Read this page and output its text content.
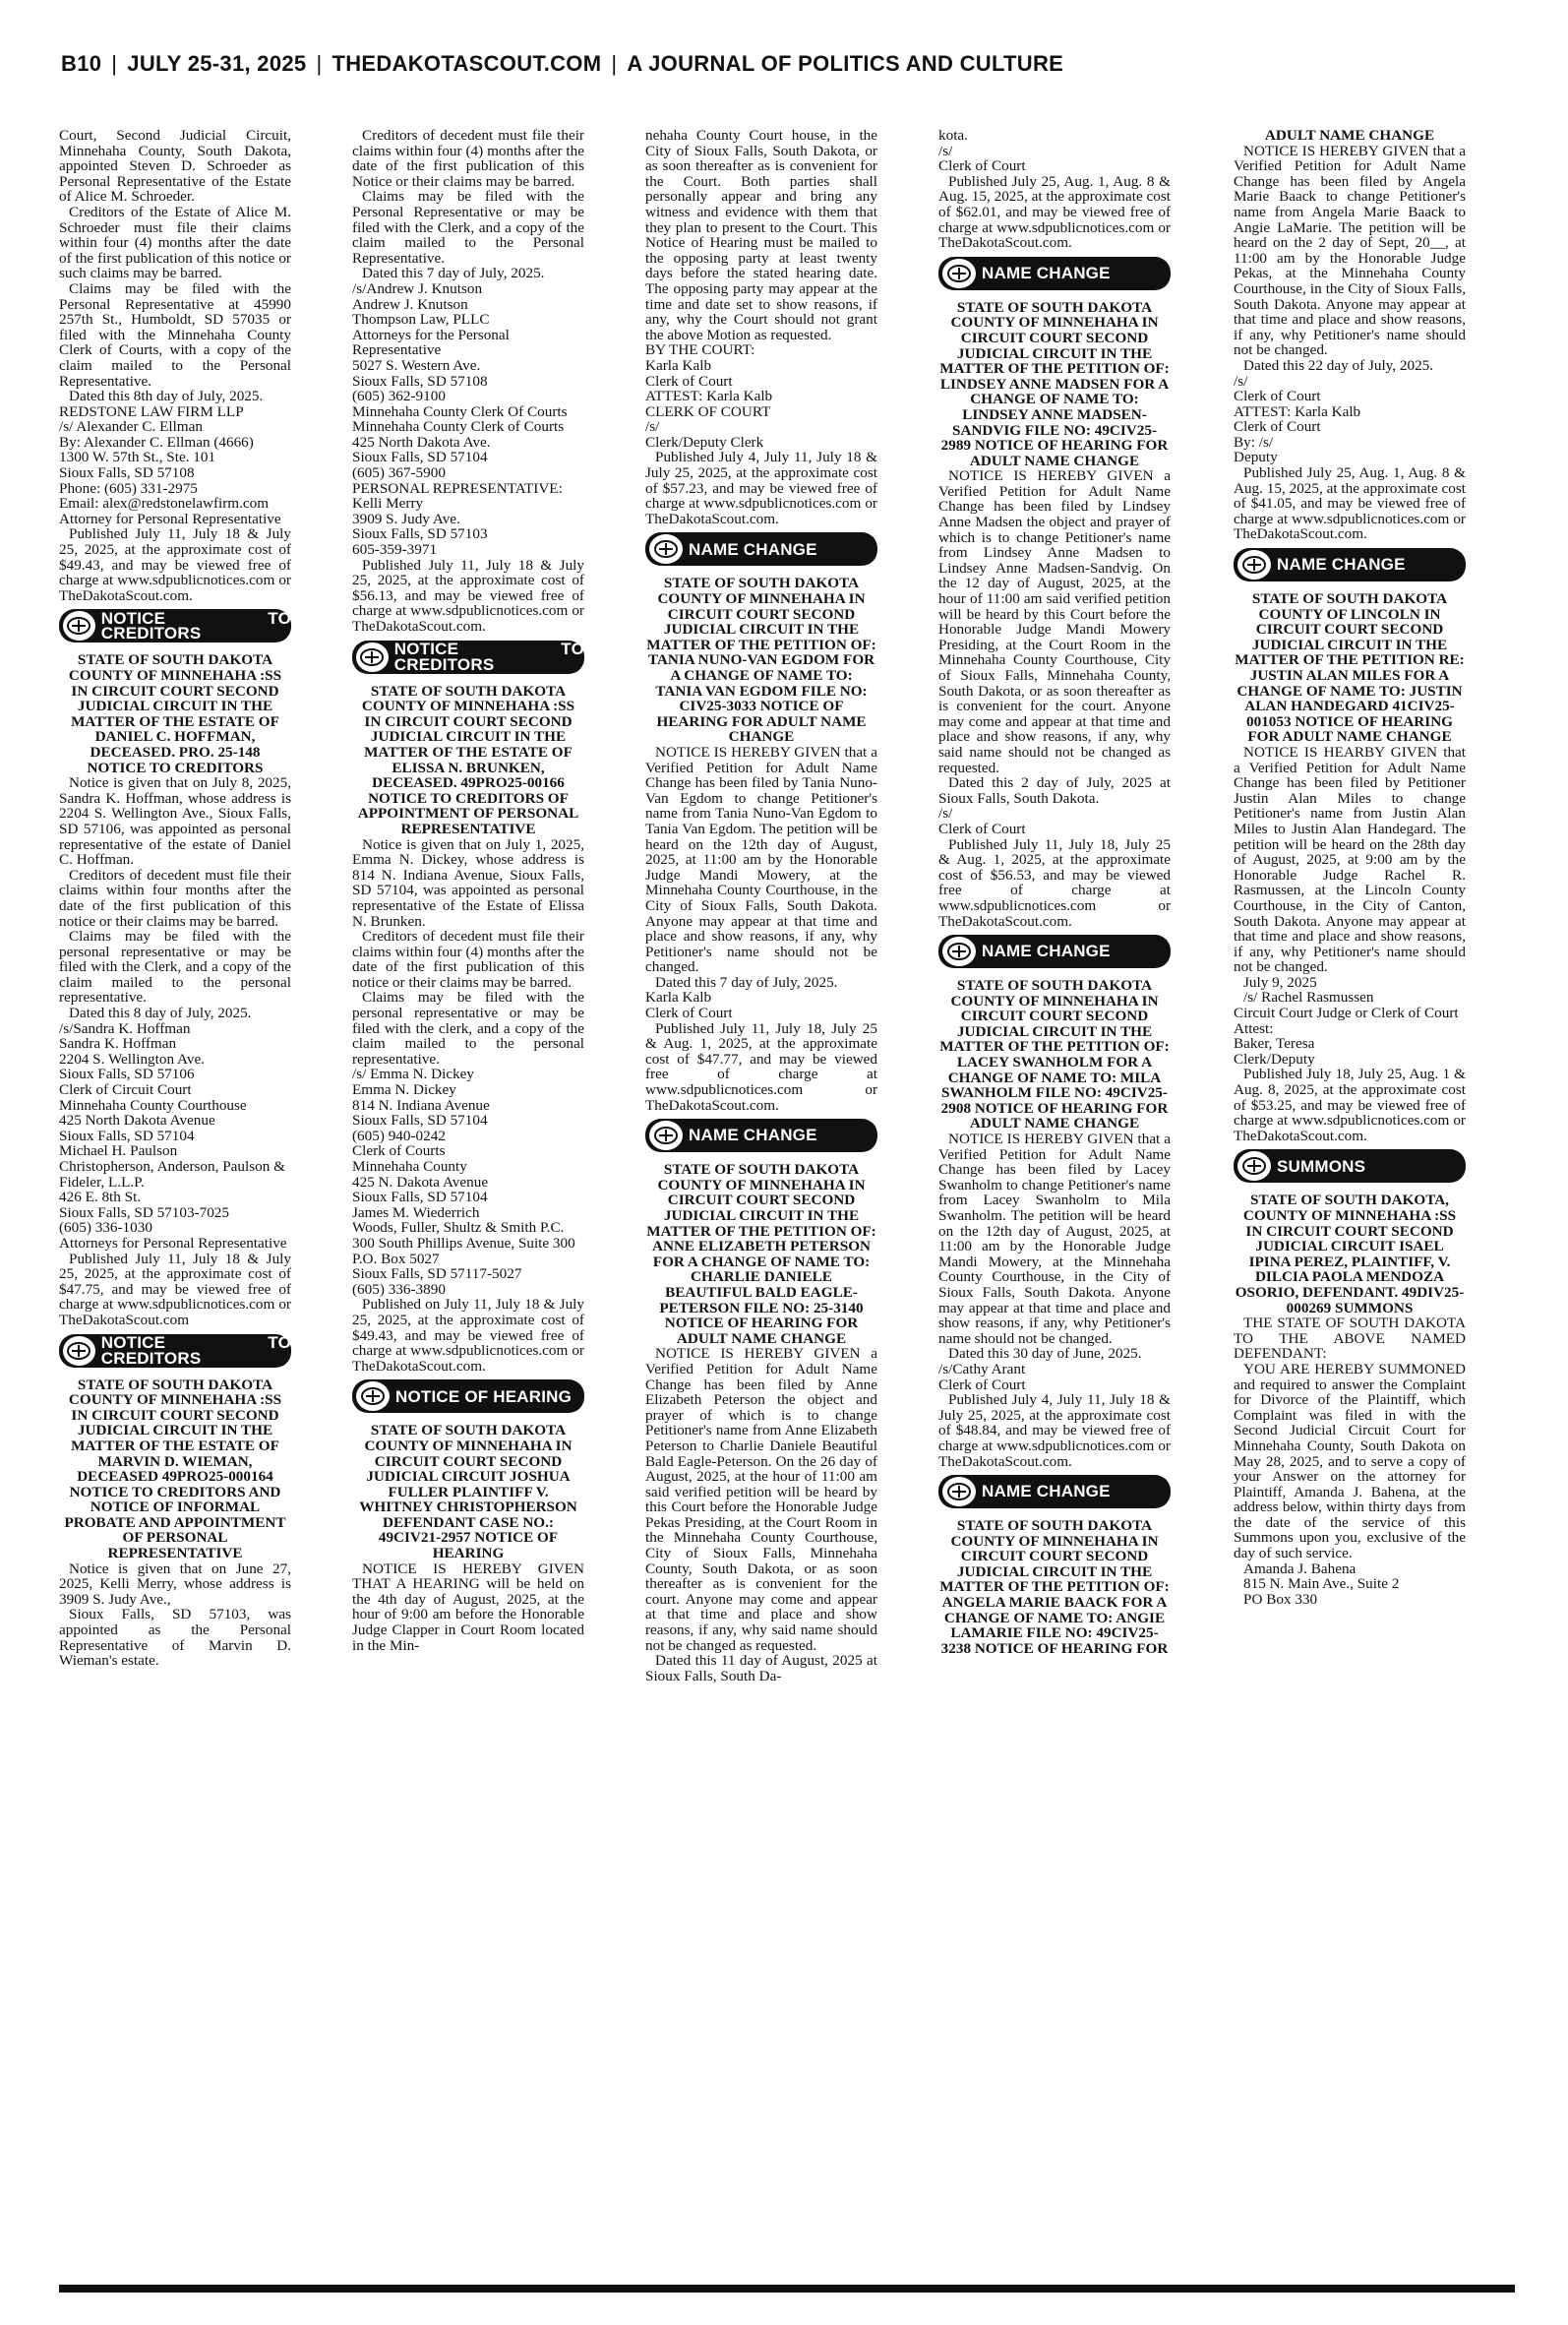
B10 | JULY 25-31, 2025 | THEDAKOTASCOUT.COM | A JOURNAL OF POLITICS AND CULTURE

Court, Second Judicial Circuit, Minnehaha County, South Dakota, appointed Steven D. Schroeder as Personal Representative of the Estate of Alice M. Schroeder.

Creditors of the Estate of Alice M. Schroeder must file their claims within four (4) months after the date of the first publication of this notice or such claims may be barred.

Claims may be filed with the Personal Representative at 45990 257th St., Humboldt, SD 57035 or filed with the Minnehaha County Clerk of Courts, with a copy of the claim mailed to the Personal Representative.

Dated this 8th day of July, 2025.

REDSTONE LAW FIRM LLP

/s/ Alexander C. Ellman

By: Alexander C. Ellman (4666)

1300 W. 57th St., Ste. 101

Sioux Falls, SD 57108

Phone: (605) 331-2975

Email: alex@redstonelawfirm.com

Attorney for Personal Representative

Published July 11, July 18 & July 25, 2025, at the approximate cost of $49.43, and may be viewed free of charge at www.sdpublicnotices.com or TheDakotaScout.com.

NOTICE TO CREDITORS

STATE OF SOUTH DAKOTA COUNTY OF MINNEHAHA :SS IN CIRCUIT COURT SECOND JUDICIAL CIRCUIT IN THE MATTER OF THE ESTATE OF DANIEL C. HOFFMAN, DECEASED. PRO. 25-148 NOTICE TO CREDITORS

Notice is given that on July 8, 2025, Sandra K. Hoffman, whose address is 2204 S. Wellington Ave., Sioux Falls, SD 57106, was appointed as personal representative of the estate of Daniel C. Hoffman.

Creditors of decedent must file their claims within four months after the date of the first publication of this notice or their claims may be barred.

Claims may be filed with the personal representative or may be filed with the Clerk, and a copy of the claim mailed to the personal representative.

Dated this 8 day of July, 2025.

/s/Sandra K. Hoffman

Sandra K. Hoffman

2204 S. Wellington Ave.

Sioux Falls, SD 57106

Clerk of Circuit Court

Minnehaha County Courthouse

425 North Dakota Avenue

Sioux Falls, SD 57104

Michael H. Paulson

Christopherson, Anderson, Paulson & Fideler, L.L.P.

426 E. 8th St.

Sioux Falls, SD 57103-7025

(605) 336-1030

Attorneys for Personal Representative

Published July 11, July 18 & July 25, 2025, at the approximate cost of $47.75, and may be viewed free of charge at www.sdpublicnotices.com or TheDakotaScout.com

NOTICE TO CREDITORS

STATE OF SOUTH DAKOTA COUNTY OF MINNEHAHA :SS IN CIRCUIT COURT SECOND JUDICIAL CIRCUIT IN THE MATTER OF THE ESTATE OF MARVIN D. WIEMAN, DECEASED 49PRO25-000164 NOTICE TO CREDITORS AND NOTICE OF INFORMAL PROBATE AND APPOINTMENT OF PERSONAL REPRESENTATIVE

Notice is given that on June 27, 2025, Kelli Merry, whose address is 3909 S. Judy Ave.,

Sioux Falls, SD 57103, was appointed as the Personal Representative of Marvin D. Wieman's estate.

Creditors of decedent must file their claims within four (4) months after the date of the first publication of this Notice or their claims may be barred.

Claims may be filed with the Personal Representative or may be filed with the Clerk, and a copy of the claim mailed to the Personal Representative.

Dated this 7 day of July, 2025.

/s/Andrew J. Knutson

Andrew J. Knutson

Thompson Law, PLLC

Attorneys for the Personal Representative

5027 S. Western Ave.

Sioux Falls, SD 57108

(605) 362-9100

Minnehaha County Clerk Of Courts

Minnehaha County Clerk of Courts

425 North Dakota Ave.

Sioux Falls, SD 57104

(605) 367-5900

PERSONAL REPRESENTATIVE:

Kelli Merry

3909 S. Judy Ave.

Sioux Falls, SD 57103

605-359-3971

Published July 11, July 18 & July 25, 2025, at the approximate cost of $56.13, and may be viewed free of charge at www.sdpublicnotices.com or TheDakotaScout.com.

NOTICE TO CREDITORS

STATE OF SOUTH DAKOTA COUNTY OF MINNEHAHA :SS IN CIRCUIT COURT SECOND JUDICIAL CIRCUIT IN THE MATTER OF THE ESTATE OF ELISSA N. BRUNKEN, DECEASED. 49PRO25-00166 NOTICE TO CREDITORS OF APPOINTMENT OF PERSONAL REPRESENTATIVE

Notice is given that on July 1, 2025, Emma N. Dickey, whose address is 814 N. Indiana Avenue, Sioux Falls, SD 57104, was appointed as personal representative of the Estate of Elissa N. Brunken.

Creditors of decedent must file their claims within four (4) months after the date of the first publication of this notice or their claims may be barred.

Claims may be filed with the personal representative or may be filed with the clerk, and a copy of the claim mailed to the personal representative.

/s/ Emma N. Dickey

Emma N. Dickey

814 N. Indiana Avenue

Sioux Falls, SD 57104

(605) 940-0242

Clerk of Courts

Minnehaha County

425 N. Dakota Avenue

Sioux Falls, SD 57104

James M. Wiederrich

Woods, Fuller, Shultz & Smith P.C.

300 South Phillips Avenue, Suite 300

P.O. Box 5027

Sioux Falls, SD 57117-5027

(605) 336-3890

Published on July 11, July 18 & July 25, 2025, at the approximate cost of $49.43, and may be viewed free of charge at www.sdpublicnotices.com or TheDakotaScout.com.

NOTICE OF HEARING

STATE OF SOUTH DAKOTA COUNTY OF MINNEHAHA IN CIRCUIT COURT SECOND JUDICIAL CIRCUIT JOSHUA FULLER PLAINTIFF V. WHITNEY CHRISTOPHERSON DEFENDANT CASE NO.: 49CIV21-2957 NOTICE OF HEARING

NOTICE IS HEREBY GIVEN THAT A HEARING will be held on the 4th day of August, 2025, at the hour of 9:00 am before the Honorable Judge Clapper in Court Room located in the Min-

nehaha County Court house, in the City of Sioux Falls, South Dakota, or as soon thereafter as is convenient for the Court. Both parties shall personally appear and bring any witness and evidence with them that they plan to present to the Court. This Notice of Hearing must be mailed to the opposing party at least twenty days before the stated hearing date. The opposing party may appear at the time and date set to show reasons, if any, why the Court should not grant the above Motion as requested.

BY THE COURT:

Karla Kalb

Clerk of Court

ATTEST: Karla Kalb

CLERK OF COURT

/s/

Clerk/Deputy Clerk

Published July 4, July 11, July 18 & July 25, 2025, at the approximate cost of $57.23, and may be viewed free of charge at www.sdpublicnotices.com or TheDakotaScout.com.

NAME CHANGE

STATE OF SOUTH DAKOTA COUNTY OF MINNEHAHA IN CIRCUIT COURT SECOND JUDICIAL CIRCUIT IN THE MATTER OF THE PETITION OF: TANIA NUNO-VAN EGDOM FOR A CHANGE OF NAME TO: TANIA VAN EGDOM FILE NO: CIV25-3033 NOTICE OF HEARING FOR ADULT NAME CHANGE

NOTICE IS HEREBY GIVEN that a Verified Petition for Adult Name Change has been filed by Tania Nuno-Van Egdom to change Petitioner's name from Tania Nuno-Van Egdom to Tania Van Egdom. The petition will be heard on the 12th day of August, 2025, at 11:00 am by the Honorable Judge Mandi Mowery, at the Minnehaha County Courthouse, in the City of Sioux Falls, South Dakota. Anyone may appear at that time and place and show reasons, if any, why Petitioner's name should not be changed.

Dated this 7 day of July, 2025.

Karla Kalb

Clerk of Court

Published July 11, July 18, July 25 & Aug. 1, 2025, at the approximate cost of $47.77, and may be viewed free of charge at www.sdpublicnotices.com or TheDakotaScout.com.

NAME CHANGE

STATE OF SOUTH DAKOTA COUNTY OF MINNEHAHA IN CIRCUIT COURT SECOND JUDICIAL CIRCUIT IN THE MATTER OF THE PETITION OF: ANNE ELIZABETH PETERSON FOR A CHANGE OF NAME TO: CHARLIE DANIELE BEAUTIFUL BALD EAGLE-PETERSON FILE NO: 25-3140 NOTICE OF HEARING FOR ADULT NAME CHANGE

NOTICE IS HEREBY GIVEN a Verified Petition for Adult Name Change has been filed by Anne Elizabeth Peterson the object and prayer of which is to change Petitioner's name from Anne Elizabeth Peterson to Charlie Daniele Beautiful Bald Eagle-Peterson. On the 26 day of August, 2025, at the hour of 11:00 am said verified petition will be heard by this Court before the Honorable Judge Pekas Presiding, at the Court Room in the Minnehaha County Courthouse, City of Sioux Falls, Minnehaha County, South Dakota, or as soon thereafter as is convenient for the court. Anyone may come and appear at that time and place and show reasons, if any, why said name should not be changed as requested.

Dated this 11 day of August, 2025 at Sioux Falls, South Da-

kota.

/s/

Clerk of Court

Published July 25, Aug. 1, Aug. 8 & Aug. 15, 2025, at the approximate cost of $62.01, and may be viewed free of charge at www.sdpublicnotices.com or TheDakotaScout.com.

NAME CHANGE

STATE OF SOUTH DAKOTA COUNTY OF MINNEHAHA IN CIRCUIT COURT SECOND JUDICIAL CIRCUIT IN THE MATTER OF THE PETITION OF: LINDSEY ANNE MADSEN FOR A CHANGE OF NAME TO: LINDSEY ANNE MADSEN-SANDVIG FILE NO: 49CIV25-2989 NOTICE OF HEARING FOR ADULT NAME CHANGE

NOTICE IS HEREBY GIVEN a Verified Petition for Adult Name Change has been filed by Lindsey Anne Madsen the object and prayer of which is to change Petitioner's name from Lindsey Anne Madsen to Lindsey Anne Madsen-Sandvig. On the 12 day of August, 2025, at the hour of 11:00 am said verified petition will be heard by this Court before the Honorable Judge Mandi Mowery Presiding, at the Court Room in the Minnehaha County Courthouse, City of Sioux Falls, Minnehaha County, South Dakota, or as soon thereafter as is convenient for the court. Anyone may come and appear at that time and place and show reasons, if any, why said name should not be changed as requested.

Dated this 2 day of July, 2025 at Sioux Falls, South Dakota.

/s/

Clerk of Court

Published July 11, July 18, July 25 & Aug. 1, 2025, at the approximate cost of $56.53, and may be viewed free of charge at www.sdpublicnotices.com or TheDakotaScout.com.

NAME CHANGE

STATE OF SOUTH DAKOTA COUNTY OF MINNEHAHA IN CIRCUIT COURT SECOND JUDICIAL CIRCUIT IN THE MATTER OF THE PETITION OF: LACEY SWANHOLM FOR A CHANGE OF NAME TO: MILA SWANHOLM FILE NO: 49CIV25-2908 NOTICE OF HEARING FOR ADULT NAME CHANGE

NOTICE IS HEREBY GIVEN that a Verified Petition for Adult Name Change has been filed by Lacey Swanholm to change Petitioner's name from Lacey Swanholm to Mila Swanholm. The petition will be heard on the 12th day of August, 2025, at 11:00 am by the Honorable Judge Mandi Mowery, at the Minnehaha County Courthouse, in the City of Sioux Falls, South Dakota. Anyone may appear at that time and place and show reasons, if any, why Petitioner's name should not be changed.

Dated this 30 day of June, 2025.

/s/Cathy Arant

Clerk of Court

Published July 4, July 11, July 18 & July 25, 2025, at the approximate cost of $48.84, and may be viewed free of charge at www.sdpublicnotices.com or TheDakotaScout.com.

NAME CHANGE

STATE OF SOUTH DAKOTA COUNTY OF MINNEHAHA IN CIRCUIT COURT SECOND JUDICIAL CIRCUIT IN THE MATTER OF THE PETITION OF: ANGELA MARIE BAACK FOR A CHANGE OF NAME TO: ANGIE LAMARIE FILE NO: 49CIV25-3238 NOTICE OF HEARING FOR

ADULT NAME CHANGE

NOTICE IS HEREBY GIVEN that a Verified Petition for Adult Name Change has been filed by Angela Marie Baack to change Petitioner's name from Angela Marie Baack to Angie LaMarie. The petition will be heard on the 2 day of Sept, 20__, at 11:00 am by the Honorable Judge Pekas, at the Minnehaha County Courthouse, in the City of Sioux Falls, South Dakota. Anyone may appear at that time and place and show reasons, if any, why Petitioner's name should not be changed.

Dated this 22 day of July, 2025.

/s/

Clerk of Court

ATTEST: Karla Kalb

Clerk of Court

By: /s/

Deputy

Published July 25, Aug. 1, Aug. 8 & Aug. 15, 2025, at the approximate cost of $41.05, and may be viewed free of charge at www.sdpublicnotices.com or TheDakotaScout.com.

NAME CHANGE

STATE OF SOUTH DAKOTA COUNTY OF LINCOLN IN CIRCUIT COURT SECOND JUDICIAL CIRCUIT IN THE MATTER OF THE PETITION RE: JUSTIN ALAN MILES FOR A CHANGE OF NAME TO: JUSTIN ALAN HANDEGARD 41CIV25-001053 NOTICE OF HEARING FOR ADULT NAME CHANGE

NOTICE IS HEARBY GIVEN that a Verified Petition for Adult Name Change has been filed by Petitioner Justin Alan Miles to change Petitioner's name from Justin Alan Miles to Justin Alan Handegard. The petition will be heard on the 28th day of August, 2025, at 9:00 am by the Honorable Judge Rachel R. Rasmussen, at the Lincoln County Courthouse, in the City of Canton, South Dakota. Anyone may appear at that time and place and show reasons, if any, why Petitioner's name should not be changed.

July 9, 2025

/s/ Rachel Rasmussen

Circuit Court Judge or Clerk of Court

Attest:

Baker, Teresa

Clerk/Deputy

Published July 18, July 25, Aug. 1 & Aug. 8, 2025, at the approximate cost of $53.25, and may be viewed free of charge at www.sdpublicnotices.com or TheDakotaScout.com.

SUMMONS

STATE OF SOUTH DAKOTA, COUNTY OF MINNEHAHA :SS IN CIRCUIT COURT SECOND JUDICIAL CIRCUIT ISAEL IPINA PEREZ, PLAINTIFF, V. DILCIA PAOLA MENDOZA OSORIO, DEFENDANT. 49DIV25-000269 SUMMONS

THE STATE OF SOUTH DAKOTA TO THE ABOVE NAMED DEFENDANT:

YOU ARE HEREBY SUMMONED and required to answer the Complaint for Divorce of the Plaintiff, which Complaint was filed in with the Second Judicial Circuit Court for Minnehaha County, South Dakota on May 28, 2025, and to serve a copy of your Answer on the attorney for Plaintiff, Amanda J. Bahena, at the address below, within thirty days from the date of the service of this Summons upon you, exclusive of the day of such service.

Amanda J. Bahena

815 N. Main Ave., Suite 2

PO Box 330
